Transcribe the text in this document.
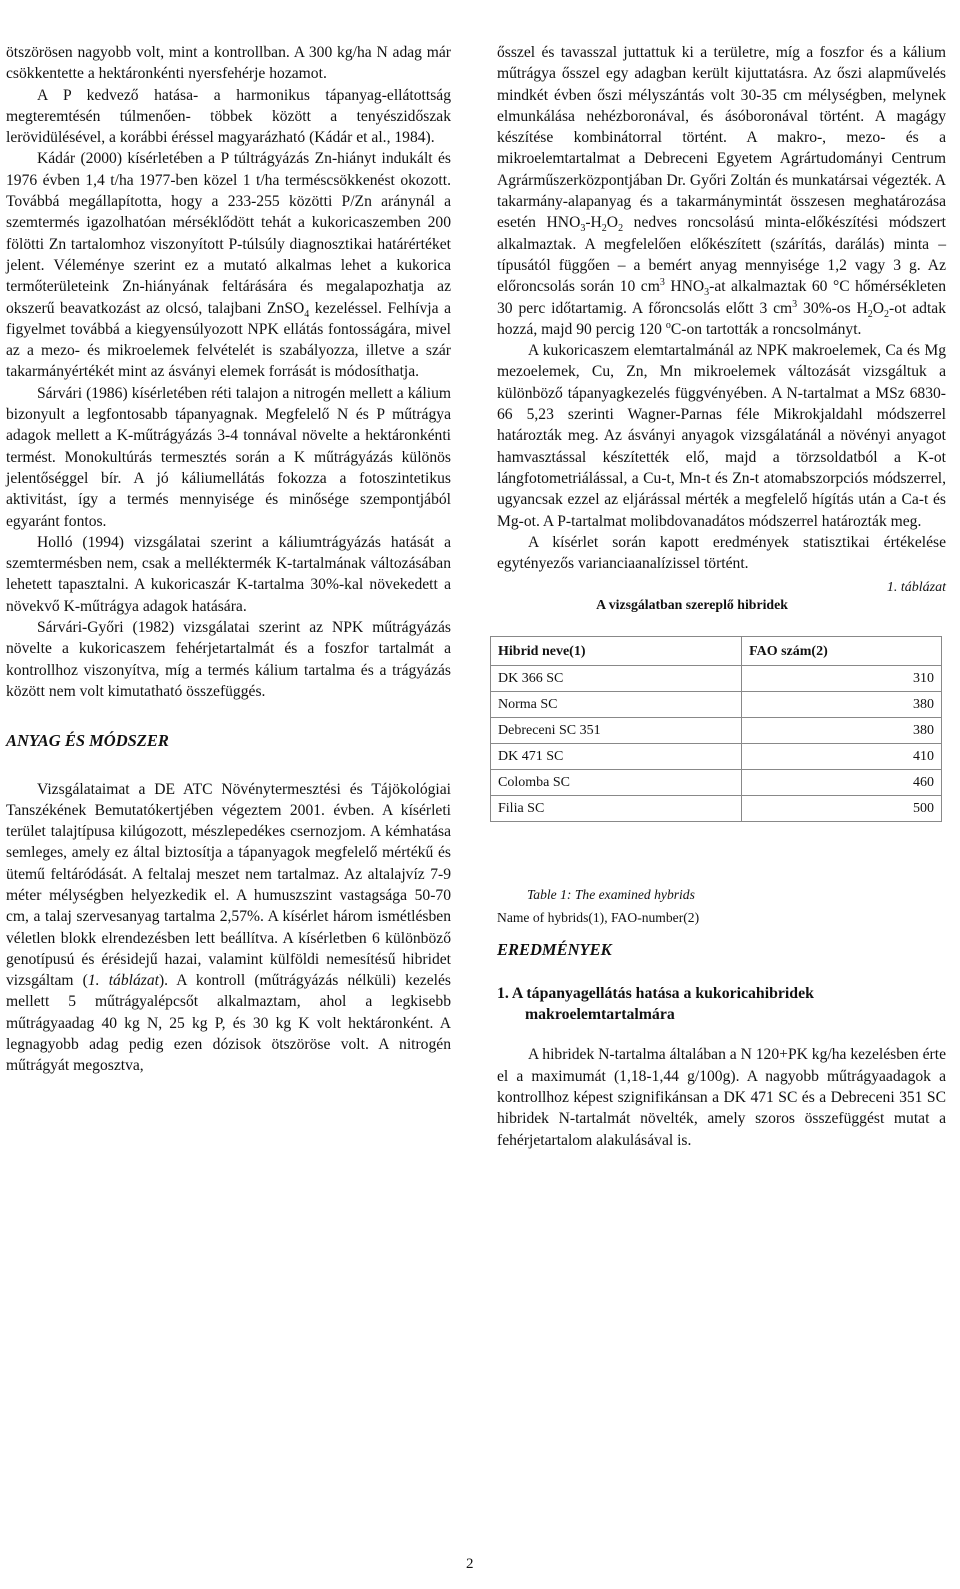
ötszörösen nagyobb volt, mint a kontrollban. A 300 kg/ha N adag már csökkentette a hektáronkénti nyersfehérje hozamot.

A P kedvező hatása- a harmonikus tápanyag-ellátottság megteremtésén túlmenően- többek között a tenyészidőszak lerövidülésével, a korábbi éréssel magyarázható (Kádár et al., 1984).

Kádár (2000) kísérletében a P túltrágyázás Zn-hiányt indukált és 1976 évben 1,4 t/ha 1977-ben közel 1 t/ha terméscsökkenést okozott. Továbbá megállapította, hogy a 233-255 közötti P/Zn aránynál a szemtermés igazolhatóan mérséklődött tehát a kukoricaszemben 200 fölötti Zn tartalomhoz viszonyított P-túlsúly diagnosztikai határértéket jelent. Véleménye szerint ez a mutató alkalmas lehet a kukorica termőterületeink Zn-hiányának feltárására és megalapozhatja az okszerű beavatkozást az olcsó, talajbani ZnSO$_4$ kezeléssel. Felhívja a figyelmet továbbá a kiegyensúlyozott NPK ellátás fontosságára, mivel az a mezo- és mikroelemek felvételét is szabályozza, illetve a szár takarmányértékét mint az ásványi elemek forrását is módosíthatja.

Sárvári (1986) kísérletében réti talajon a nitrogén mellett a kálium bizonyult a legfontosabb tápanyagnak. Megfelelő N és P műtrágya adagok mellett a K-műtrágyázás 3-4 tonnával növelte a hektáronkénti termést. Monokultúrás termesztés során a K műtrágyázás különös jelentőséggel bír. A jó káliumellátás fokozza a fotoszintetikus aktivitást, így a termés mennyisége és minősége szempontjából egyaránt fontos.

Holló (1994) vizsgálatai szerint a káliumtrágyázás hatását a szemtermésben nem, csak a melléktermék K-tartalmának változásában lehetett tapasztalni. A kukoricaszár K-tartalma 30%-kal növekedett a növekvő K-műtrágya adagok hatására.

Sárvári-Győri (1982) vizsgálatai szerint az NPK műtrágyázás növelte a kukoricaszem fehérjetartalmát és a foszfor tartalmát a kontrollhoz viszonyítva, míg a termés kálium tartalma és a trágyázás között nem volt kimutatható összefüggés.

ANYAG ÉS MÓDSZER

Vizsgálataimat a DE ATC Növénytermesztési és Tájökológiai Tanszékének Bemutatókertjében végeztem 2001. évben. A kísérleti terület talajtípusa kilúgozott, mészlepedékes csernozjom. A kémhatása semleges, amely ez által biztosítja a tápanyagok megfelelő mértékű és ütemű feltáródását. A feltalaj meszet nem tartalmaz. Az altalajvíz 7-9 méter mélységben helyezkedik el. A humuszszint vastagsága 50-70 cm, a talaj szervesanyag tartalma 2,57%. A kísérlet három ismétlésben véletlen blokk elrendezésben lett beállítva. A kísérletben 6 különböző genotípusú és érésidejű hazai, valamint külföldi nemesítésű hibridet vizsgáltam (1. táblázat). A kontroll (műtrágyázás nélküli) kezelés mellett 5 műtrágyalépcsőt alkalmaztam, ahol a legkisebb műtrágyaadag 40 kg N, 25 kg P, és 30 kg K volt hektáronként. A legnagyobb adag pedig ezen dózisok ötszöröse volt. A nitrogén műtrágyát megosztva,

ősszel és tavasszal juttattuk ki a területre, míg a foszfor és a kálium műtrágya ősszel egy adagban került kijuttatásra. Az őszi alapművelés mindkét évben őszi mélyszántás volt 30-35 cm mélységben, melynek elmunkálása nehézboronával, és ásóboronával történt. A magágy készítése kombinátorral történt. A makro-, mezo- és a mikroelemtartalmat a Debreceni Egyetem Agrártudományi Centrum Agrárműszerközpontjában Dr. Győri Zoltán és munkatársai végezték. A takarmány-alapanyag és a takarmánymintát összesen meghatározása esetén $HNO_3-H_2O_2$ nedves roncsolású minta-előkészítési módszert alkalmaztak. A megfelelően előkészített (szárítás, darálás) minta – típusától függően – a bemért anyag mennyisége 1,2 vagy 3 g. Az előroncsolás során 10 $cm^3$ $HNO_3-at$ alkalmaztak 60 °C hőmérsékleten 30 perc időtartamig. A főroncsolás előtt 3 $cm^3$ 30%-os $H_2O_2-ot$ adtak hozzá, majd 90 percig 120 $^o$C-on tartották a roncsolmányt.

A kukoricaszem elemtartalmánál az NPK makroelemek, Ca és Mg mezoelemek, Cu, Zn, Mn mikroelemek változását vizsgáltuk a különböző tápanyagkezelés függvényében. A N-tartalmat a MSz 6830-66 5,23 szerinti Wagner-Parnas féle Mikrokjaldahl módszerrel határozták meg. Az ásványi anyagok vizsgálatánál a növényi anyagot hamvasztással készítették elő, majd a törzsoldatból a K-ot lángfotometriálással, a Cu-t, Mn-t és Zn-t atomabszorpciós módszerrel, ugyancsak ezzel az eljárással mérték a megfelelő hígítás után a Ca-t és Mg-ot. A P-tartalmat molibdovanadátos módszerrel határozták meg.

A kísérlet során kapott eredmények statisztikai értékelése egytényezős varianciaanalízissel történt.

1. táblázat
A vizsgálatban szereplő hibridek
Hibrid neve(1)	FAO szám(2)
DK 366 SC	310
Norma SC	380
Debreceni SC 351	380
DK 471 SC	410
Colomba SC	460
Filia SC	500
Table 1: The examined hybrids
Name of hybrids(1), FAO-number(2)
EREDMÉNYEK
1. A tápanyagellátás hatása a kukoricahibridek makroelemtartalmára

A hibridek N-tartalma általában a N 120+PK kg/ha kezelésben érte el a maximumát (1,18-1,44 g/100g). A nagyobb műtrágyaadagok a kontrollhoz képest szignifikánsan a DK 471 SC és a Debreceni 351 SC hibridek N-tartalmát növelték, amely szoros összefüggést mutat a fehérjetartalom alakulásával is.

2
